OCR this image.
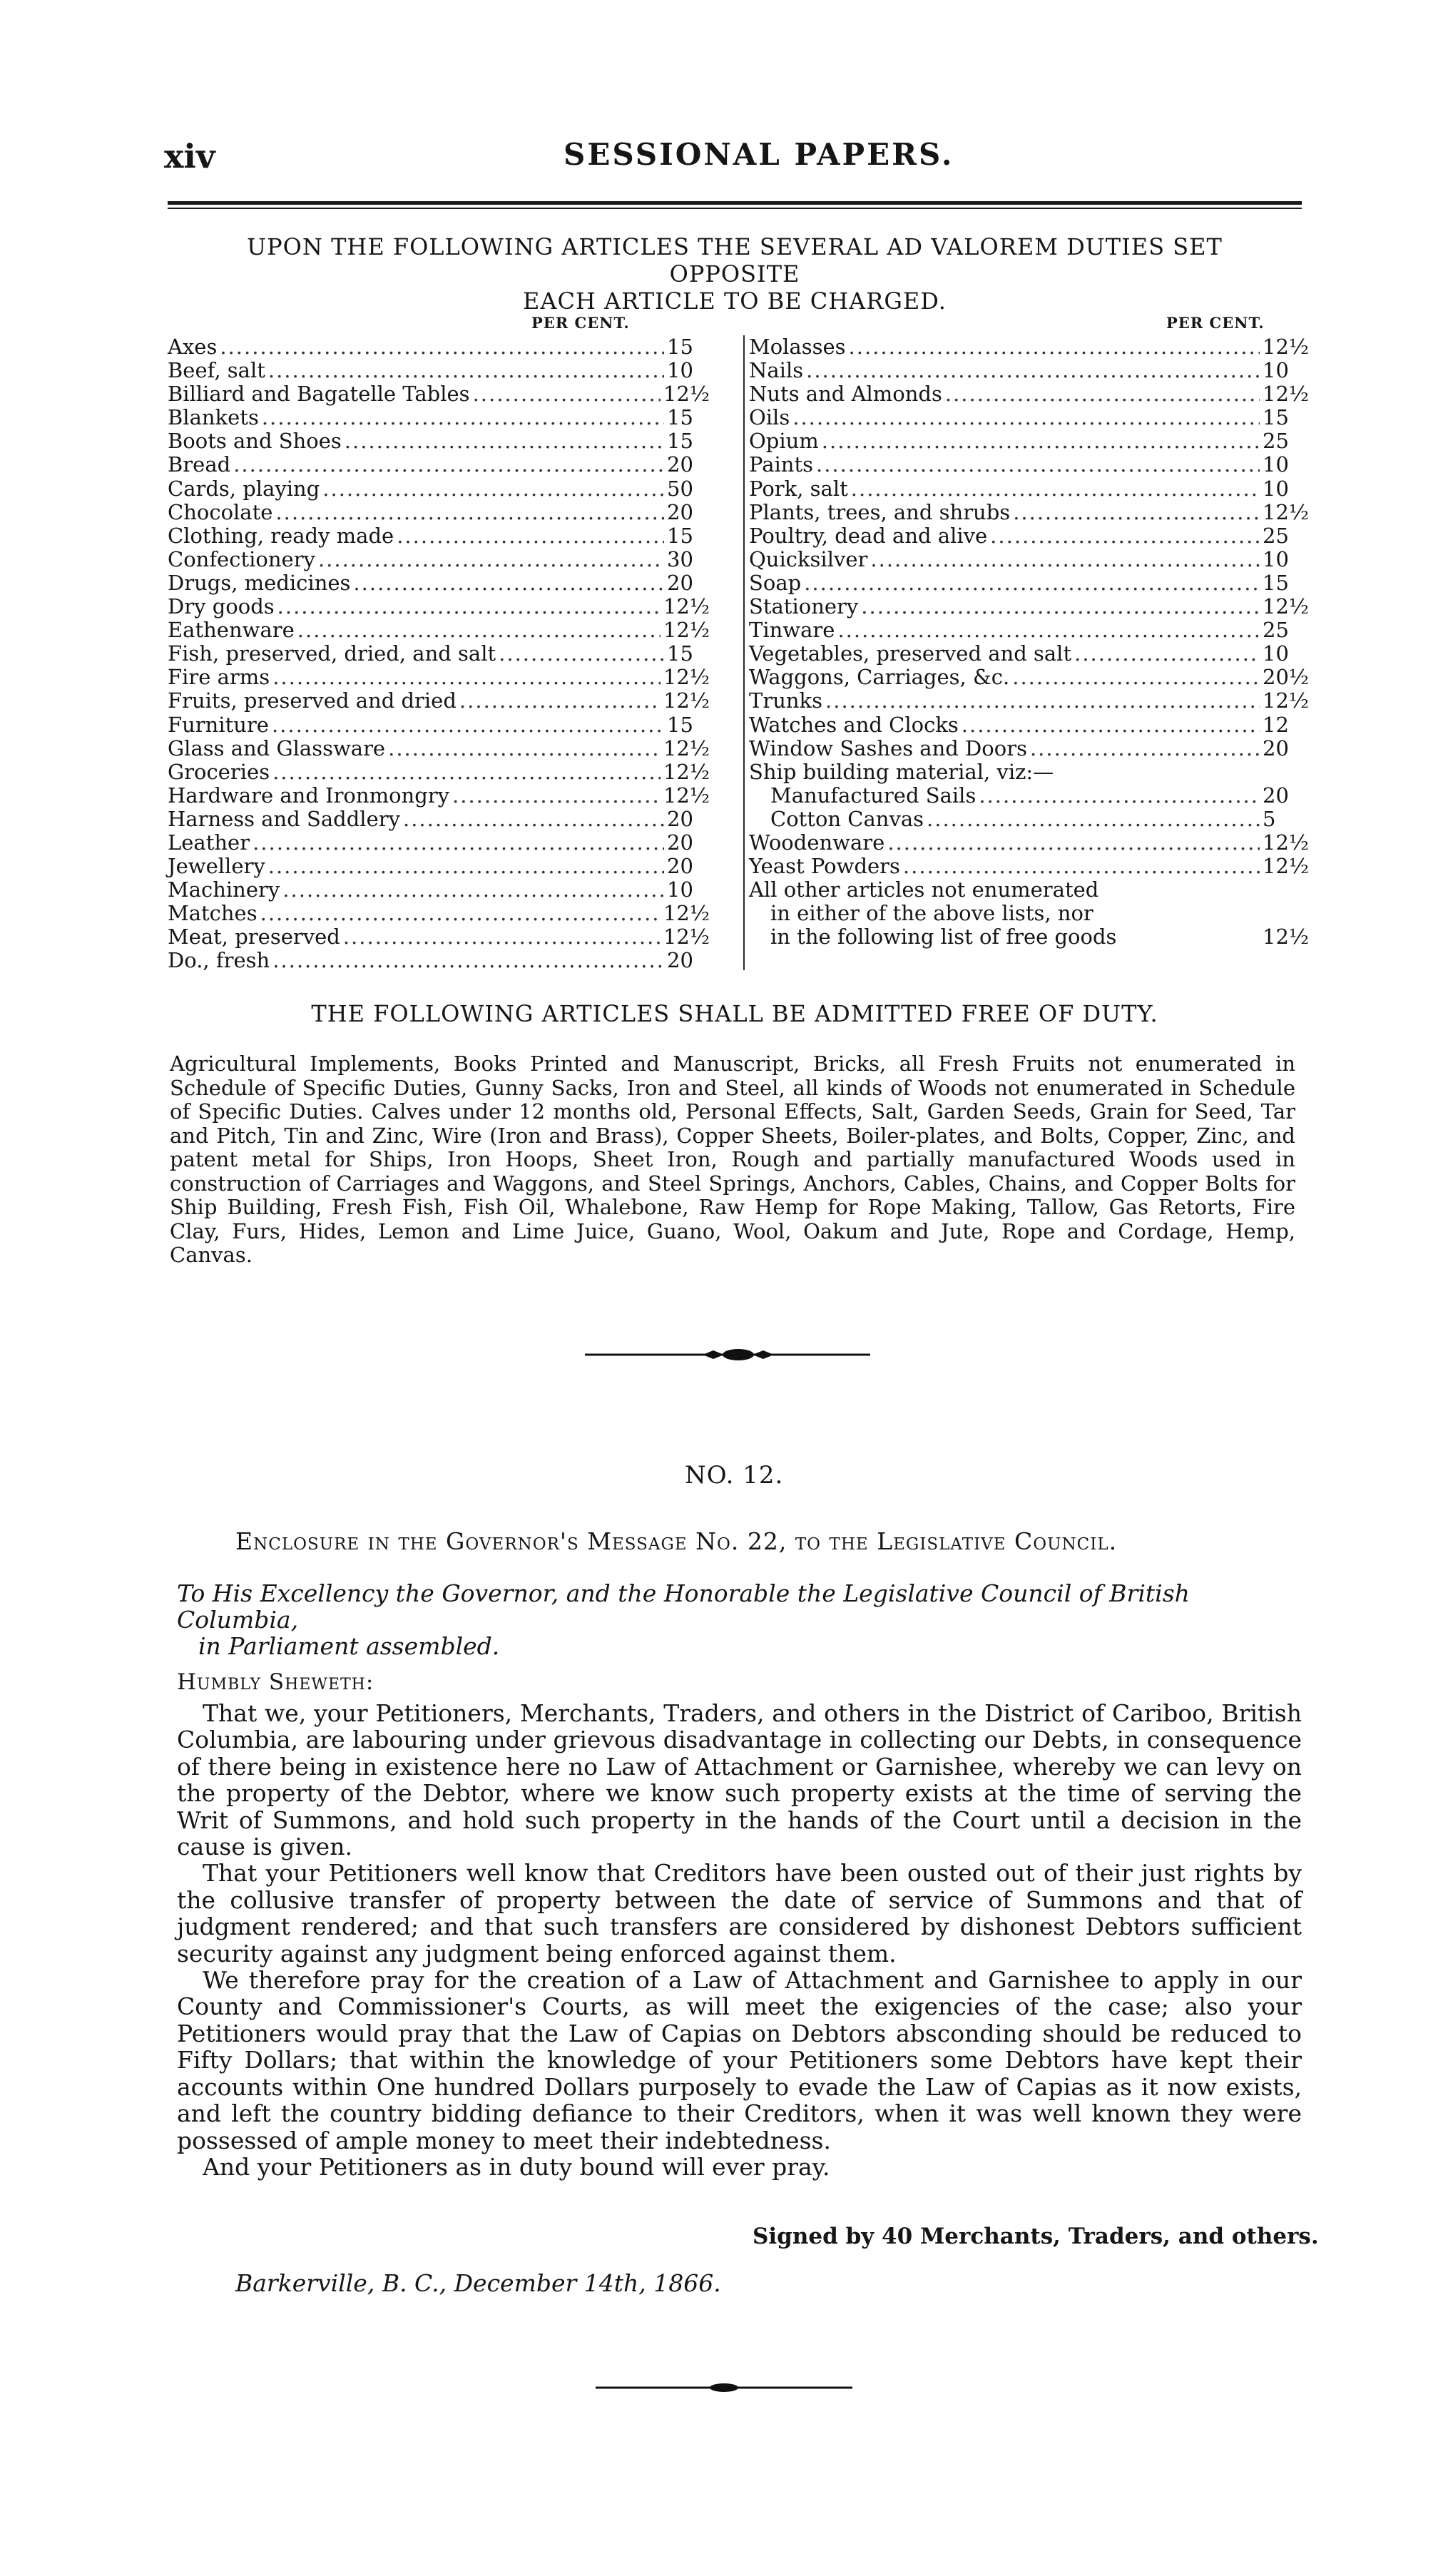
xiv	SESSIONAL PAPERS.
UPON THE FOLLOWING ARTICLES THE SEVERAL AD VALOREM DUTIES SET OPPOSITE
EACH ARTICLE TO BE CHARGED.
PER CENT.	PER CENT.
Axes .....	15
Beef, salt .....	10
Billiard and Bagatelle Tables .....	12½
Blankets .....	15
Boots and Shoes .....	15
Bread .....	20
Cards, playing .....	50
Chocolate .....	20
Clothing, ready made .....	15
Confectionery .....	30
Drugs, medicines .....	20
Dry goods .....	12½
Eathenware .....	12½
Fish, preserved, dried, and salt .....	15
Fire arms .....	12½
Fruits, preserved and dried .....	12½
Furniture .....	15
Glass and Glassware .....	12½
Groceries .....	12½
Hardware and Ironmongry .....	12½
Harness and Saddlery .....	20
Leather .....	20
Jewellery .....	20
Machinery .....	10
Matches .....	12½
Meat, preserved .....	12½
Do., fresh .....	20
Molasses .....	12½
Nails .....	10
Nuts and Almonds .....	12½
Oils .....	15
Opium .....	25
Paints .....	10
Pork, salt .....	10
Plants, trees, and shrubs .....	12½
Poultry, dead and alive .....	25
Quicksilver .....	10
Soap .....	15
Stationery .....	12½
Tinware .....	25
Vegetables, preserved and salt .....	10
Waggons, Carriages, &c. .....	20½
Trunks .....	12½
Watches and Clocks .....	12
Window Sashes and Doors .....	20
Ship building material, viz:—
Manufactured Sails .....	20
Cotton Canvas .....	5
Woodenware .....	12½
Yeast Powders .....	12½
All other articles not enumerated
in either of the above lists, nor
in the following list of free goods	12½
THE FOLLOWING ARTICLES SHALL BE ADMITTED FREE OF DUTY.
Agricultural Implements, Books Printed and Manuscript, Bricks, all Fresh Fruits not enumerated in Schedule of Specific Duties, Gunny Sacks, Iron and Steel, all kinds of Woods not enumerated in Schedule of Specific Duties. Calves under 12 months old, Personal Effects, Salt, Garden Seeds, Grain for Seed, Tar and Pitch, Tin and Zinc, Wire (Iron and Brass), Copper Sheets, Boiler-plates, and Bolts, Copper, Zinc, and patent metal for Ships, Iron Hoops, Sheet Iron, Rough and partially manufactured Woods used in construction of Carriages and Waggons, and Steel Springs, Anchors, Cables, Chains, and Copper Bolts for Ship Building, Fresh Fish, Fish Oil, Whalebone, Raw Hemp for Rope Making, Tallow, Gas Retorts, Fire Clay, Furs, Hides, Lemon and Lime Juice, Guano, Wool, Oakum and Jute, Rope and Cordage, Hemp, Canvas.
NO. 12.
Enclosure in the Governor's Message No. 22, to the Legislative Council.
To His Excellency the Governor, and the Honorable the Legislative Council of British Columbia,
in Parliament assembled.
Humbly Sheweth:

That we, your Petitioners, Merchants, Traders, and others in the District of Cariboo, British Columbia, are labouring under grievous disadvantage in collecting our Debts, in consequence of there being in existence here no Law of Attachment or Garnishee, whereby we can levy on the property of the Debtor, where we know such property exists at the time of serving the Writ of Summons, and hold such property in the hands of the Court until a decision in the cause is given.

That your Petitioners well know that Creditors have been ousted out of their just rights by the collusive transfer of property between the date of service of Summons and that of judgment rendered; and that such transfers are considered by dishonest Debtors sufficient security against any judgment being enforced against them.

We therefore pray for the creation of a Law of Attachment and Garnishee to apply in our County and Commissioner's Courts, as will meet the exigencies of the case; also your Petitioners would pray that the Law of Capias on Debtors absconding should be reduced to Fifty Dollars; that within the knowledge of your Petitioners some Debtors have kept their accounts within One hundred Dollars purposely to evade the Law of Capias as it now exists, and left the country bidding defiance to their Creditors, when it was well known they were possessed of ample money to meet their indebtedness.

And your Petitioners as in duty bound will ever pray.

Signed by 40 Merchants, Traders, and others.
Barkerville, B. C., December 14th, 1866.
